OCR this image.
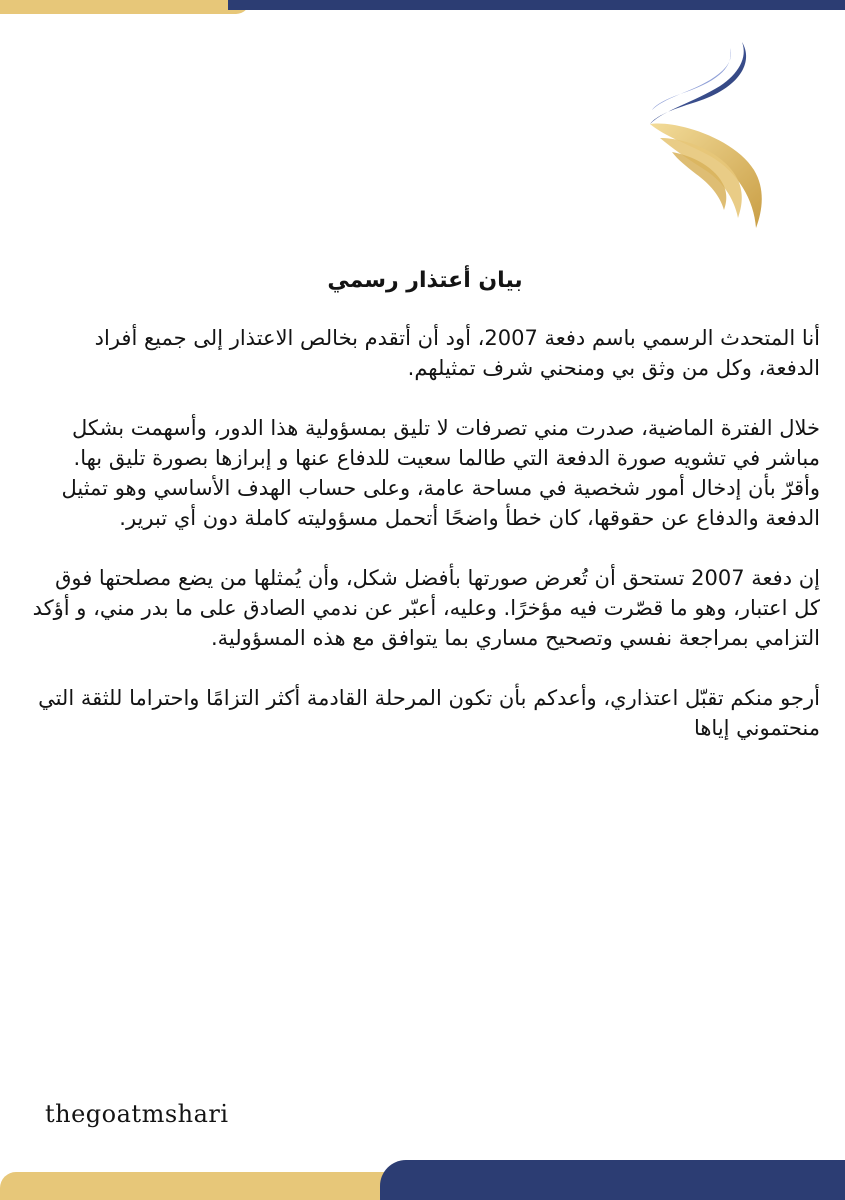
بيان أعتذار رسمي

أنا المتحدث الرسمي باسم دفعة 2007، أود أن أتقدم بخالص الاعتذار إلى جميع أفراد الدفعة، وكل من وثق بي ومنحني شرف تمثيلهم.

خلال الفترة الماضية، صدرت مني تصرفات لا تليق بمسؤولية هذا الدور، وأسهمت بشكل مباشر في تشويه صورة الدفعة التي طالما سعيت للدفاع عنها و إبرازها بصورة تليق بها. وأقرّ بأن إدخال أمور شخصية في مساحة عامة، وعلى حساب الهدف الأساسي وهو تمثيل الدفعة والدفاع عن حقوقها، كان خطأ واضحًا أتحمل مسؤوليته كاملة دون أي تبرير.

إن دفعة 2007 تستحق أن تُعرض صورتها بأفضل شكل، وأن يُمثلها من يضع مصلحتها فوق كل اعتبار، وهو ما قصّرت فيه مؤخرًا. وعليه، أعبّر عن ندمي الصادق على ما بدر مني، و أؤكد التزامي بمراجعة نفسي وتصحيح مساري بما يتوافق مع هذه المسؤولية.

أرجو منكم تقبّل اعتذاري، وأعدكم بأن تكون المرحلة القادمة أكثر التزامًا واحتراما للثقة التي منحتموني إياها

thegoatmshari
